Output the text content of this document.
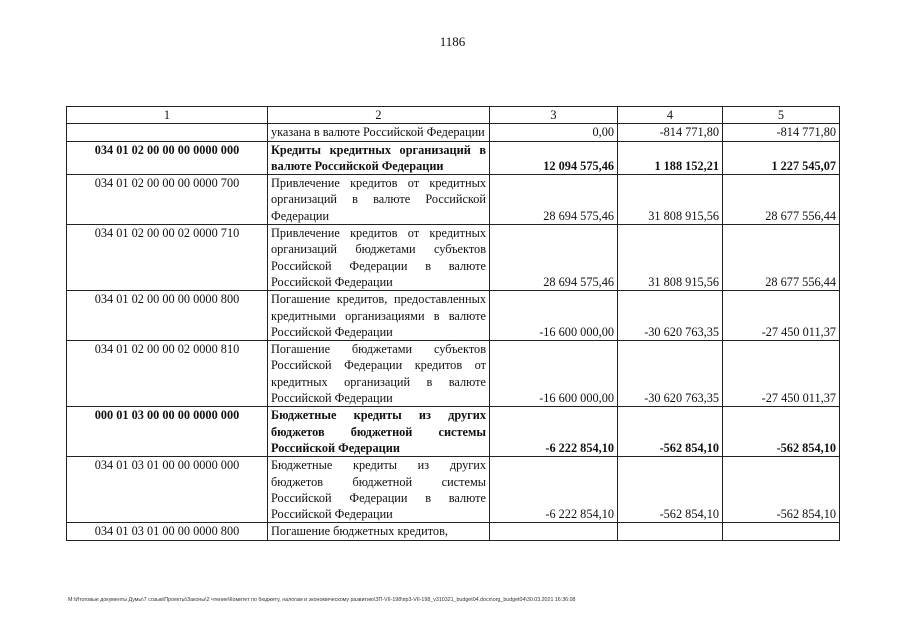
1186
1	2	3	4	5
	указана в валюте Российской Федерации	0,00	-814 771,80	-814 771,80
034 01 02 00 00 00 0000 000	Кредиты кредитных организаций в валюте Российской Федерации	12 094 575,46	1 188 152,21	1 227 545,07
034 01 02 00 00 00 0000 700	Привлечение кредитов от кредитных организаций в валюте Российской Федерации	28 694 575,46	31 808 915,56	28 677 556,44
034 01 02 00 00 02 0000 710	Привлечение кредитов от кредитных организаций бюджетами субъектов Российской Федерации в валюте Российской Федерации	28 694 575,46	31 808 915,56	28 677 556,44
034 01 02 00 00 00 0000 800	Погашение кредитов, предоставленных кредитными организациями в валюте Российской Федерации	-16 600 000,00	-30 620 763,35	-27 450 011,37
034 01 02 00 00 02 0000 810	Погашение бюджетами субъектов Российской Федерации кредитов от кредитных организаций в валюте Российской Федерации	-16 600 000,00	-30 620 763,35	-27 450 011,37
000 01 03 00 00 00 0000 000	Бюджетные кредиты из других бюджетов бюджетной системы Российской Федерации	-6 222 854,10	-562 854,10	-562 854,10
034 01 03 01 00 00 0000 000	Бюджетные кредиты из других бюджетов бюджетной системы Российской Федерации в валюте Российской Федерации	-6 222 854,10	-562 854,10	-562 854,10
034 01 03 01 00 00 0000 800	Погашение бюджетных кредитов,			
M:\Итоговые документы Думы\7 созыв\Проекты\Законы\2 чтение\Комитет по бюджету, налогам и экономическому развитию\ЗП-VII-198\пр3-VII-198_v310321_budget04.docx\org_budget04\30.03.2021 16:36:08
